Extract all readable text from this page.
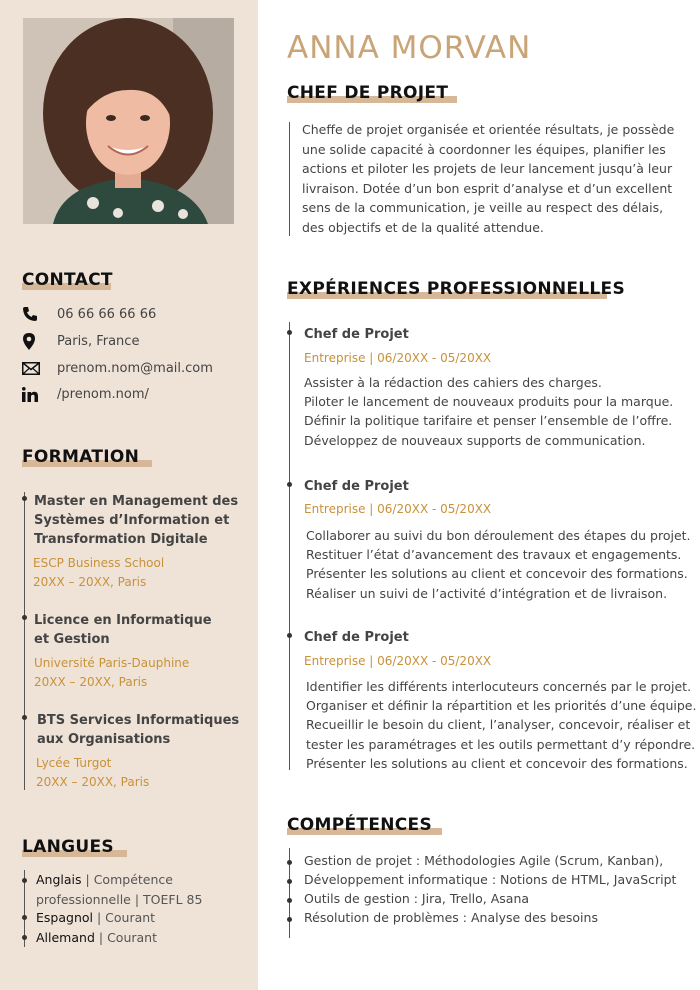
CONTACT
06 66 66 66 66
Paris, France
prenom.nom@mail.com
/prenom.nom/
FORMATION
Master en Management des
Systèmes d’Information et
Transformation Digitale
ESCP Business School
20XX – 20XX, Paris
Licence en Informatique
et Gestion
Université Paris-Dauphine
20XX – 20XX, Paris
BTS Services Informatiques
aux Organisations
Lycée Turgot
20XX – 20XX, Paris
LANGUES
Anglais | Compétence
professionnelle | TOEFL 85
Espagnol | Courant
Allemand | Courant
ANNA MORVAN
CHEF DE PROJET
Cheffe de projet organisée et orientée résultats, je possède une solide capacité à coordonner les équipes, planifier les actions et piloter les projets de leur lancement jusqu’à leur livraison. Dotée d’un bon esprit d’analyse et d’un excellent sens de la communication, je veille au respect des délais, des objectifs et de la qualité attendue.
EXPÉRIENCES PROFESSIONNELLES
Chef de Projet
Entreprise | 06/20XX - 05/20XX
Assister à la rédaction des cahiers des charges.
Piloter le lancement de nouveaux produits pour la marque.
Définir la politique tarifaire et penser l’ensemble de l’offre.
Développez de nouveaux supports de communication.
Chef de Projet
Entreprise | 06/20XX - 05/20XX
Collaborer au suivi du bon déroulement des étapes du projet.
Restituer l’état d’avancement des travaux et engagements.
Présenter les solutions au client et concevoir des formations.
Réaliser un suivi de l’activité d’intégration et de livraison.
Chef de Projet
Entreprise | 06/20XX - 05/20XX
Identifier les différents interlocuteurs concernés par le projet.
Organiser et définir la répartition et les priorités d’une équipe.
Recueillir le besoin du client, l’analyser, concevoir, réaliser et
tester les paramétrages et les outils permettant d’y répondre.
Présenter les solutions au client et concevoir des formations.
COMPÉTENCES
Gestion de projet : Méthodologies Agile (Scrum, Kanban),
Développement informatique : Notions de HTML, JavaScript
Outils de gestion : Jira, Trello, Asana
Résolution de problèmes : Analyse des besoins
